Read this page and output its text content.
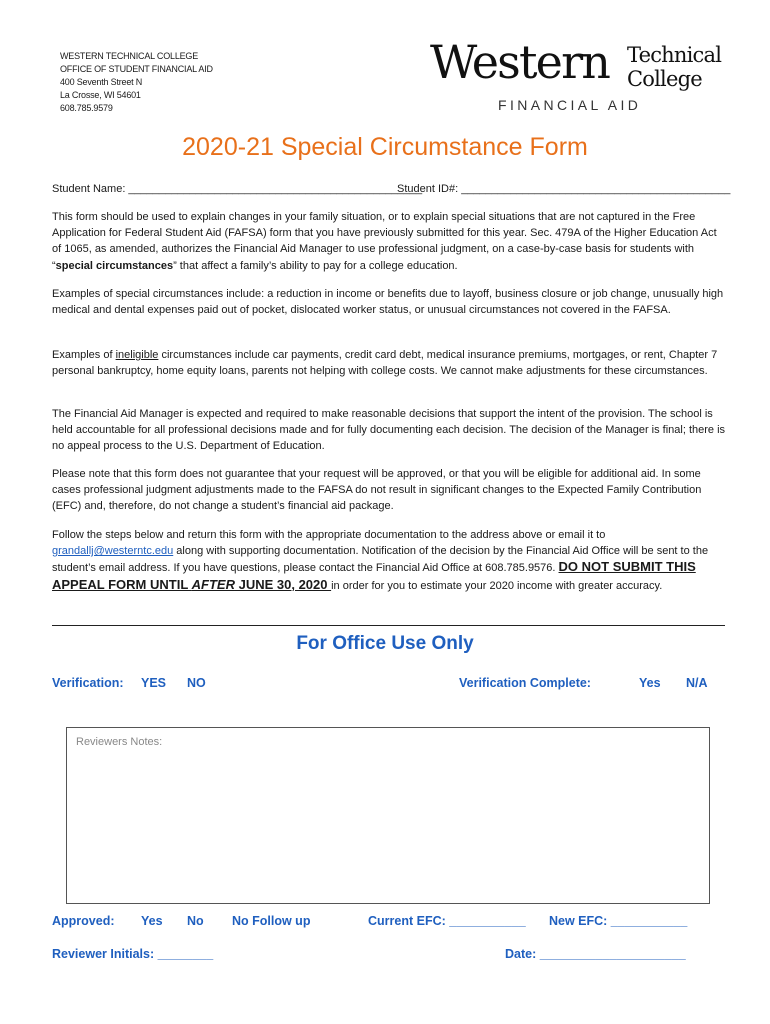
WESTERN TECHNICAL COLLEGE
OFFICE OF STUDENT FINANCIAL AID
400 Seventh Street N
La Crosse, WI 54601
608.785.9579
Western Technical
College
FINANCIAL AID
2020-21 Special Circumstance Form
Student Name: ________________________________________________
Student ID#: ____________________________________________
This form should be used to explain changes in your family situation, or to explain special situations that are not captured in the Free Application for Federal Student Aid (FAFSA) form that you have previously submitted for this year. Sec. 479A of the Higher Education Act of 1065, as amended, authorizes the Financial Aid Manager to use professional judgment, on a case-by-case basis for students with “special circumstances” that affect a family’s ability to pay for a college education.
Examples of special circumstances include: a reduction in income or benefits due to layoff, business closure or job change, unusually high medical and dental expenses paid out of pocket, dislocated worker status, or unusual circumstances not covered in the FAFSA.
Examples of ineligible circumstances include car payments, credit card debt, medical insurance premiums, mortgages, or rent, Chapter 7 personal bankruptcy, home equity loans, parents not helping with college costs. We cannot make adjustments for these circumstances.
The Financial Aid Manager is expected and required to make reasonable decisions that support the intent of the provision. The school is held accountable for all professional decisions made and for fully documenting each decision. The decision of the Manager is final; there is no appeal process to the U.S. Department of Education.
Please note that this form does not guarantee that your request will be approved, or that you will be eligible for additional aid. In some cases professional judgment adjustments made to the FAFSA do not result in significant changes to the Expected Family Contribution (EFC) and, therefore, do not change a student’s financial aid package.
Follow the steps below and return this form with the appropriate documentation to the address above or email it to grandallj@westerntc.edu along with supporting documentation. Notification of the decision by the Financial Aid Office will be sent to the student’s email address. If you have questions, please contact the Financial Aid Office at 608.785.9576. DO NOT SUBMIT THIS APPEAL FORM UNTIL AFTER JUNE 30, 2020 in order for you to estimate your 2020 income with greater accuracy.
For Office Use Only
Verification: YES NO	Verification Complete:	Yes N/A
Reviewers Notes:
Approved: Yes No No Follow up	Current EFC: ___________ New EFC: ___________
Reviewer Initials: ________	Date: _____________________
